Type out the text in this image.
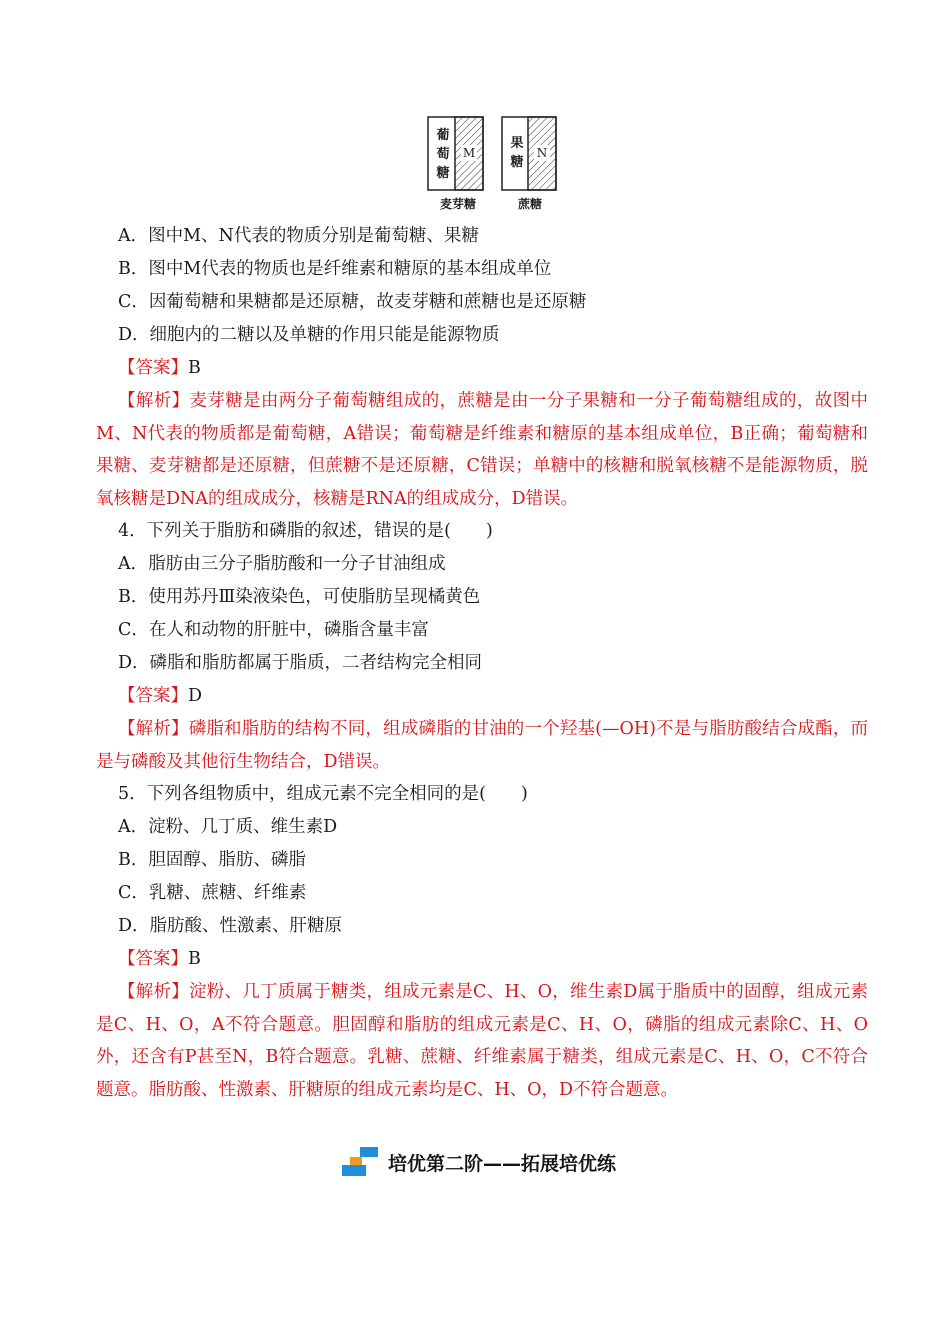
葡
萄
糖
M
麦芽糖
果
糖
N
蔗糖
A．图中M、N代表的物质分别是葡萄糖、果糖
B．图中M代表的物质也是纤维素和糖原的基本组成单位
C．因葡萄糖和果糖都是还原糖，故麦芽糖和蔗糖也是还原糖
D．细胞内的二糖以及单糖的作用只能是能源物质
【答案】B
【解析】麦芽糖是由两分子葡萄糖组成的，蔗糖是由一分子果糖和一分子葡萄糖组成的，故图中M、N代表的物质都是葡萄糖，A错误；葡萄糖是纤维素和糖原的基本组成单位，B正确；葡萄糖和果糖、麦芽糖都是还原糖，但蔗糖不是还原糖，C错误；单糖中的核糖和脱氧核糖不是能源物质，脱氧核糖是DNA的组成成分，核糖是RNA的组成成分，D错误。
4．下列关于脂肪和磷脂的叙述，错误的是(　　)
A．脂肪由三分子脂肪酸和一分子甘油组成
B．使用苏丹Ⅲ染液染色，可使脂肪呈现橘黄色
C．在人和动物的肝脏中，磷脂含量丰富
D．磷脂和脂肪都属于脂质，二者结构完全相同
【答案】D
【解析】磷脂和脂肪的结构不同，组成磷脂的甘油的一个羟基(—OH)不是与脂肪酸结合成酯，而是与磷酸及其他衍生物结合，D错误。
5．下列各组物质中，组成元素不完全相同的是(　　)
A．淀粉、几丁质、维生素D
B．胆固醇、脂肪、磷脂
C．乳糖、蔗糖、纤维素
D．脂肪酸、性激素、肝糖原
【答案】B
【解析】淀粉、几丁质属于糖类，组成元素是C、H、O，维生素D属于脂质中的固醇，组成元素是C、H、O，A不符合题意。胆固醇和脂肪的组成元素是C、H、O，磷脂的组成元素除C、H、O外，还含有P甚至N，B符合题意。乳糖、蔗糖、纤维素属于糖类，组成元素是C、H、O，C不符合题意。脂肪酸、性激素、肝糖原的组成元素均是C、H、O，D不符合题意。
培优第二阶——拓展培优练
